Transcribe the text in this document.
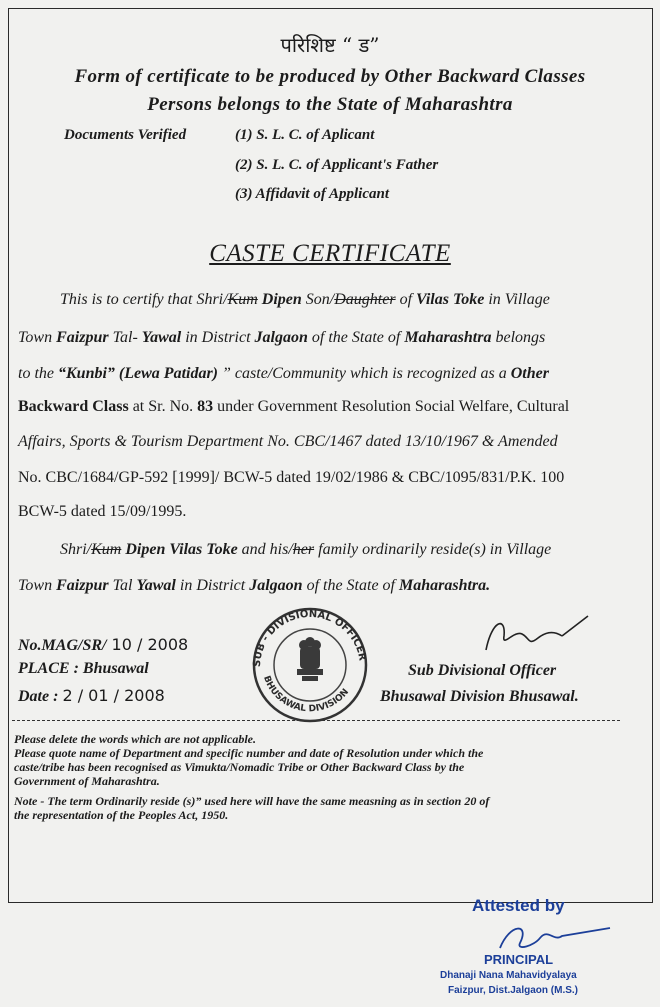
परिशिष्ट “ ड”
Form of certificate to be produced by Other Backward Classes
Persons belongs to the State of Maharashtra
Documents Verified	(1) S. L. C. of Aplicant
(2) S. L. C. of Applicant's Father
(3) Affidavit of Applicant
CASTE CERTIFICATE
This is to certify that Shri/Kum Dipen Son/Daughter of Vilas Toke in Village
Town Faizpur Tal- Yawal in District Jalgaon of the State of Maharashtra belongs
to the “Kunbi” (Lewa Patidar) ” caste/Community which is recognized as a Other
Backward Class at Sr. No. 83 under Government Resolution Social Welfare, Cultural
Affairs, Sports & Tourism Department No. CBC/1467 dated 13/10/1967 & Amended
No. CBC/1684/GP-592 [1999]/ BCW-5 dated 19/02/1986 & CBC/1095/831/P.K. 100
BCW-5 dated 15/09/1995.
Shri/Kum Dipen Vilas Toke and his/her family ordinarily reside(s) in Village
Town Faizpur Tal Yawal in District Jalgaon of the State of Maharashtra.
No.MAG/SR/ 10 / 2008
PLACE : Bhusawal
Date : 2 / 01 / 2008
SUB - DIVISIONAL OFFICER
BHUSAWAL DIVISION
Sub Divisional Officer
Bhusawal Division Bhusawal.
Please delete the words which are not applicable.
Please quote name of Department and specific number and date of Resolution under which the
caste/tribe has been recognised as Vimukta/Nomadic Tribe or Other Backward Class by the
Government of Maharashtra.
Note - The term Ordinarily reside (s)” used here will have the same measning as in section 20 of
the representation of the Peoples Act, 1950.
Attested by
PRINCIPAL
Dhanaji Nana Mahavidyalaya
Faizpur, Dist.Jalgaon (M.S.)
